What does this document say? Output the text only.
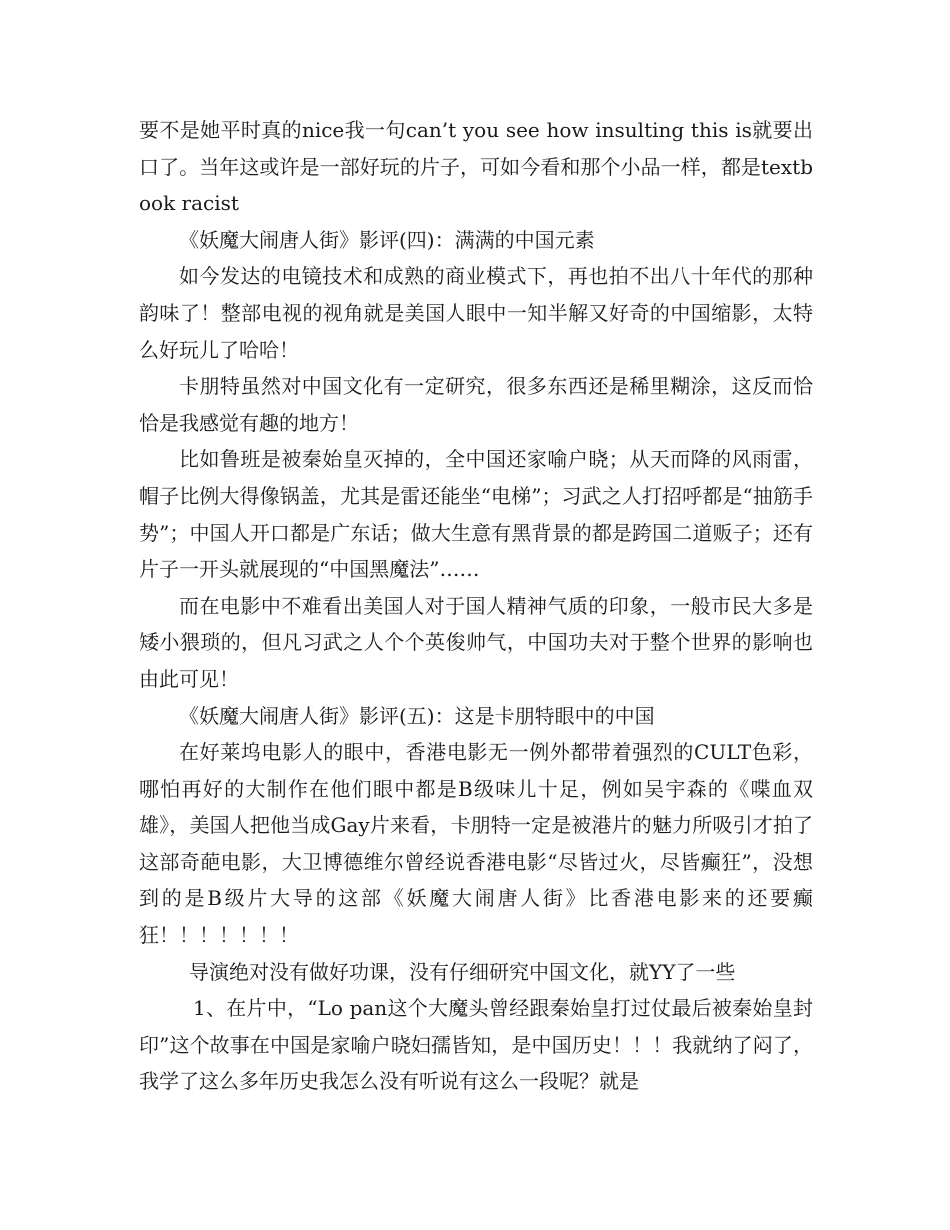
要不是她平时真的nice我一句can’t you see how insulting this is就要出口了。当年这或许是一部好玩的片子，可如今看和那个小品一样，都是textbook racist

《妖魔大闹唐人街》影评(四)：满满的中国元素

如今发达的电镜技术和成熟的商业模式下，再也拍不出八十年代的那种韵味了！整部电视的视角就是美国人眼中一知半解又好奇的中国缩影，太特么好玩儿了哈哈！

卡朋特虽然对中国文化有一定研究，很多东西还是稀里糊涂，这反而恰恰是我感觉有趣的地方！

比如鲁班是被秦始皇灭掉的，全中国还家喻户晓；从天而降的风雨雷，帽子比例大得像锅盖，尤其是雷还能坐“电梯”；习武之人打招呼都是“抽筋手势”；中国人开口都是广东话；做大生意有黑背景的都是跨国二道贩子；还有片子一开头就展现的“中国黑魔法”……

而在电影中不难看出美国人对于国人精神气质的印象，一般市民大多是矮小猥琐的，但凡习武之人个个英俊帅气，中国功夫对于整个世界的影响也由此可见！

《妖魔大闹唐人街》影评(五)：这是卡朋特眼中的中国

在好莱坞电影人的眼中，香港电影无一例外都带着强烈的CULT色彩，哪怕再好的大制作在他们眼中都是B级味儿十足，例如吴宇森的《喋血双雄》，美国人把他当成Gay片来看，卡朋特一定是被港片的魅力所吸引才拍了这部奇葩电影，大卫博德维尔曾经说香港电影“尽皆过火，尽皆癫狂”，没想到的是B级片大导的这部《妖魔大闹唐人街》比香港电影来的还要癫狂！！！！！！！

导演绝对没有做好功课，没有仔细研究中国文化，就YY了一些

1、在片中，“Lo pan这个大魔头曾经跟秦始皇打过仗最后被秦始皇封印”这个故事在中国是家喻户晓妇孺皆知，是中国历史！！！我就纳了闷了，我学了这么多年历史我怎么没有听说有这么一段呢？就是
